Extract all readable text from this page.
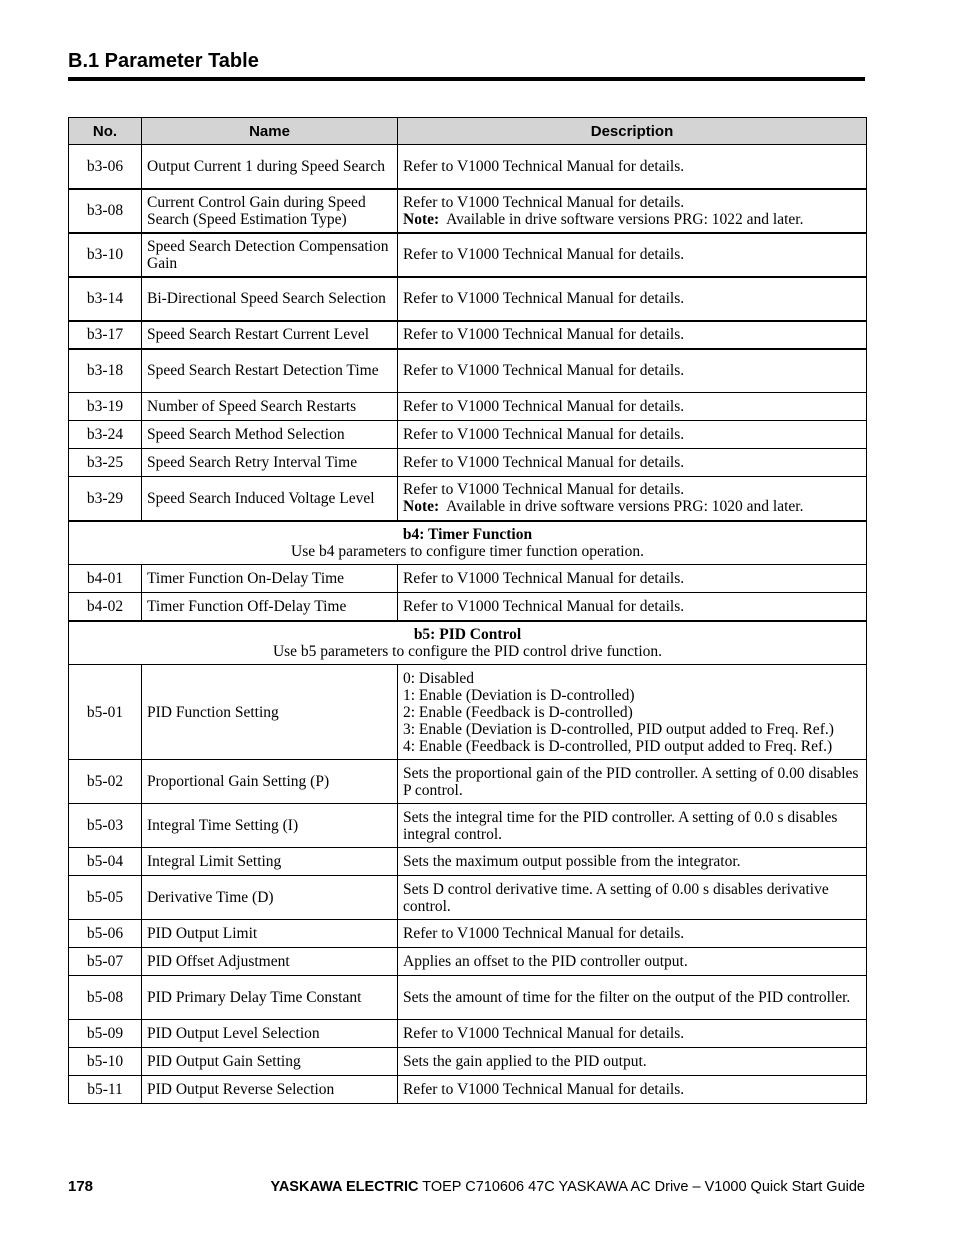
B.1 Parameter Table
No.	Name	Description
b3-06	Output Current 1 during Speed Search	Refer to V1000 Technical Manual for details.

b3-08	Current Control Gain during Speed Search (Speed Estimation Type)	Refer to V1000 Technical Manual for details.
Note: Available in drive software versions PRG: 1022 and later.

b3-10	Speed Search Detection Compensation Gain	Refer to V1000 Technical Manual for details.

b3-14	Bi-Directional Speed Search Selection	Refer to V1000 Technical Manual for details.

b3-17	Speed Search Restart Current Level	Refer to V1000 Technical Manual for details.

b3-18	Speed Search Restart Detection Time	Refer to V1000 Technical Manual for details.

b3-19	Number of Speed Search Restarts	Refer to V1000 Technical Manual for details.

b3-24	Speed Search Method Selection	Refer to V1000 Technical Manual for details.

b3-25	Speed Search Retry Interval Time	Refer to V1000 Technical Manual for details.

b3-29	Speed Search Induced Voltage Level	Refer to V1000 Technical Manual for details.
Note: Available in drive software versions PRG: 1020 and later.

b4: Timer Function
Use b4 parameters to configure timer function operation.		

b4-01	Timer Function On-Delay Time	Refer to V1000 Technical Manual for details.

b4-02	Timer Function Off-Delay Time	Refer to V1000 Technical Manual for details.

b5: PID Control
Use b5 parameters to configure the PID control drive function.		

b5-01	PID Function Setting	0: Disabled
1: Enable (Deviation is D-controlled)
2: Enable (Feedback is D-controlled)
3: Enable (Deviation is D-controlled, PID output added to Freq. Ref.)
4: Enable (Feedback is D-controlled, PID output added to Freq. Ref.)

b5-02	Proportional Gain Setting (P)	Sets the proportional gain of the PID controller. A setting of 0.00 disables P control.

b5-03	Integral Time Setting (I)	Sets the integral time for the PID controller. A setting of 0.0 s disables integral control.

b5-04	Integral Limit Setting	Sets the maximum output possible from the integrator.

b5-05	Derivative Time (D)	Sets D control derivative time. A setting of 0.00 s disables derivative control.

b5-06	PID Output Limit	Refer to V1000 Technical Manual for details.

b5-07	PID Offset Adjustment	Applies an offset to the PID controller output.

b5-08	PID Primary Delay Time Constant	Sets the amount of time for the filter on the output of the PID controller.

b5-09	PID Output Level Selection	Refer to V1000 Technical Manual for details.

b5-10	PID Output Gain Setting	Sets the gain applied to the PID output.

b5-11	PID Output Reverse Selection	Refer to V1000 Technical Manual for details.
178	YASKAWA ELECTRIC TOEP C710606 47C YASKAWA AC Drive – V1000 Quick Start Guide
